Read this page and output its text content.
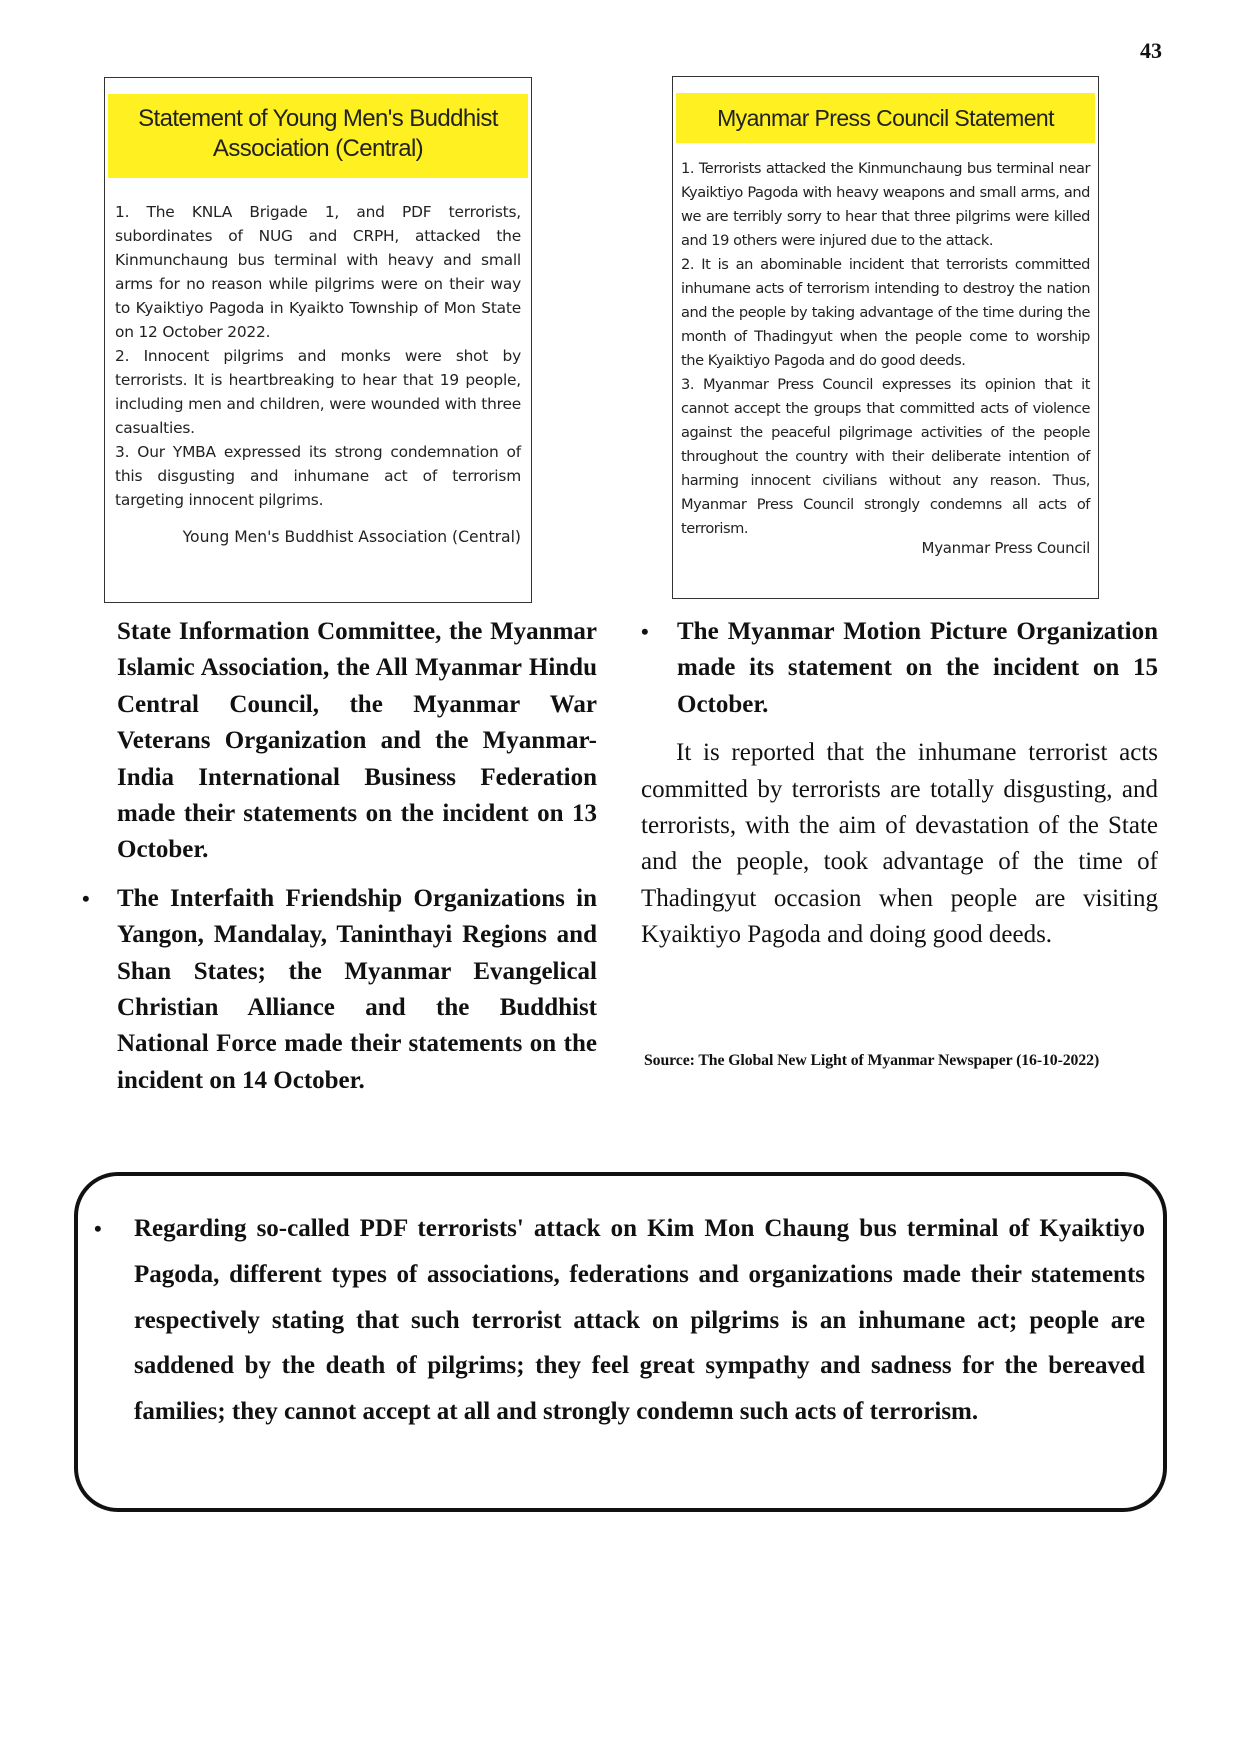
43
Statement of Young Men's Buddhist Association (Central)

1. The KNLA Brigade 1, and PDF terrorists, subordinates of NUG and CRPH, attacked the Kinmunchaung bus terminal with heavy and small arms for no reason while pilgrims were on their way to Kyaiktiyo Pagoda in Kyaikto Township of Mon State on 12 October 2022.

2. Innocent pilgrims and monks were shot by terrorists. It is heartbreaking to hear that 19 people, including men and children, were wounded with three casualties.

3. Our YMBA expressed its strong condemnation of this disgusting and inhumane act of terrorism targeting innocent pilgrims.

Young Men's Buddhist Association (Central)
Myanmar Press Council Statement

1. Terrorists attacked the Kinmunchaung bus terminal near Kyaiktiyo Pagoda with heavy weapons and small arms, and we are terribly sorry to hear that three pilgrims were killed and 19 others were injured due to the attack.

2. It is an abominable incident that terrorists committed inhumane acts of terrorism intending to destroy the nation and the people by taking advantage of the time during the month of Thadingyut when the people come to worship the Kyaiktiyo Pagoda and do good deeds.

3. Myanmar Press Council expresses its opinion that it cannot accept the groups that committed acts of violence against the peaceful pilgrimage activities of the people throughout the country with their deliberate intention of harming innocent civilians without any reason. Thus, Myanmar Press Council strongly condemns all acts of terrorism.

Myanmar Press Council

State Information Committee, the Myanmar Islamic Association, the All Myanmar Hindu Central Council, the Myanmar War Veterans Organization and the Myanmar-India International Business Federation made their statements on the incident on 13 October.

• The Interfaith Friendship Organizations in Yangon, Mandalay, Taninthayi Regions and Shan States; the Myanmar Evangelical Christian Alliance and the Buddhist National Force made their statements on the incident on 14 October.
• The Myanmar Motion Picture Organization made its statement on the incident on 15 October.

It is reported that the inhumane terrorist acts committed by terrorists are totally disgusting, and terrorists, with the aim of devastation of the State and the people, took advantage of the time of Thadingyut occasion when people are visiting Kyaiktiyo Pagoda and doing good deeds.

Source: The Global New Light of Myanmar Newspaper (16-10-2022)
• Regarding so-called PDF terrorists' attack on Kim Mon Chaung bus terminal of Kyaiktiyo Pagoda, different types of associations, federations and organizations made their statements respectively stating that such terrorist attack on pilgrims is an inhumane act; people are saddened by the death of pilgrims; they feel great sympathy and sadness for the bereaved families; they cannot accept at all and strongly condemn such acts of terrorism.
